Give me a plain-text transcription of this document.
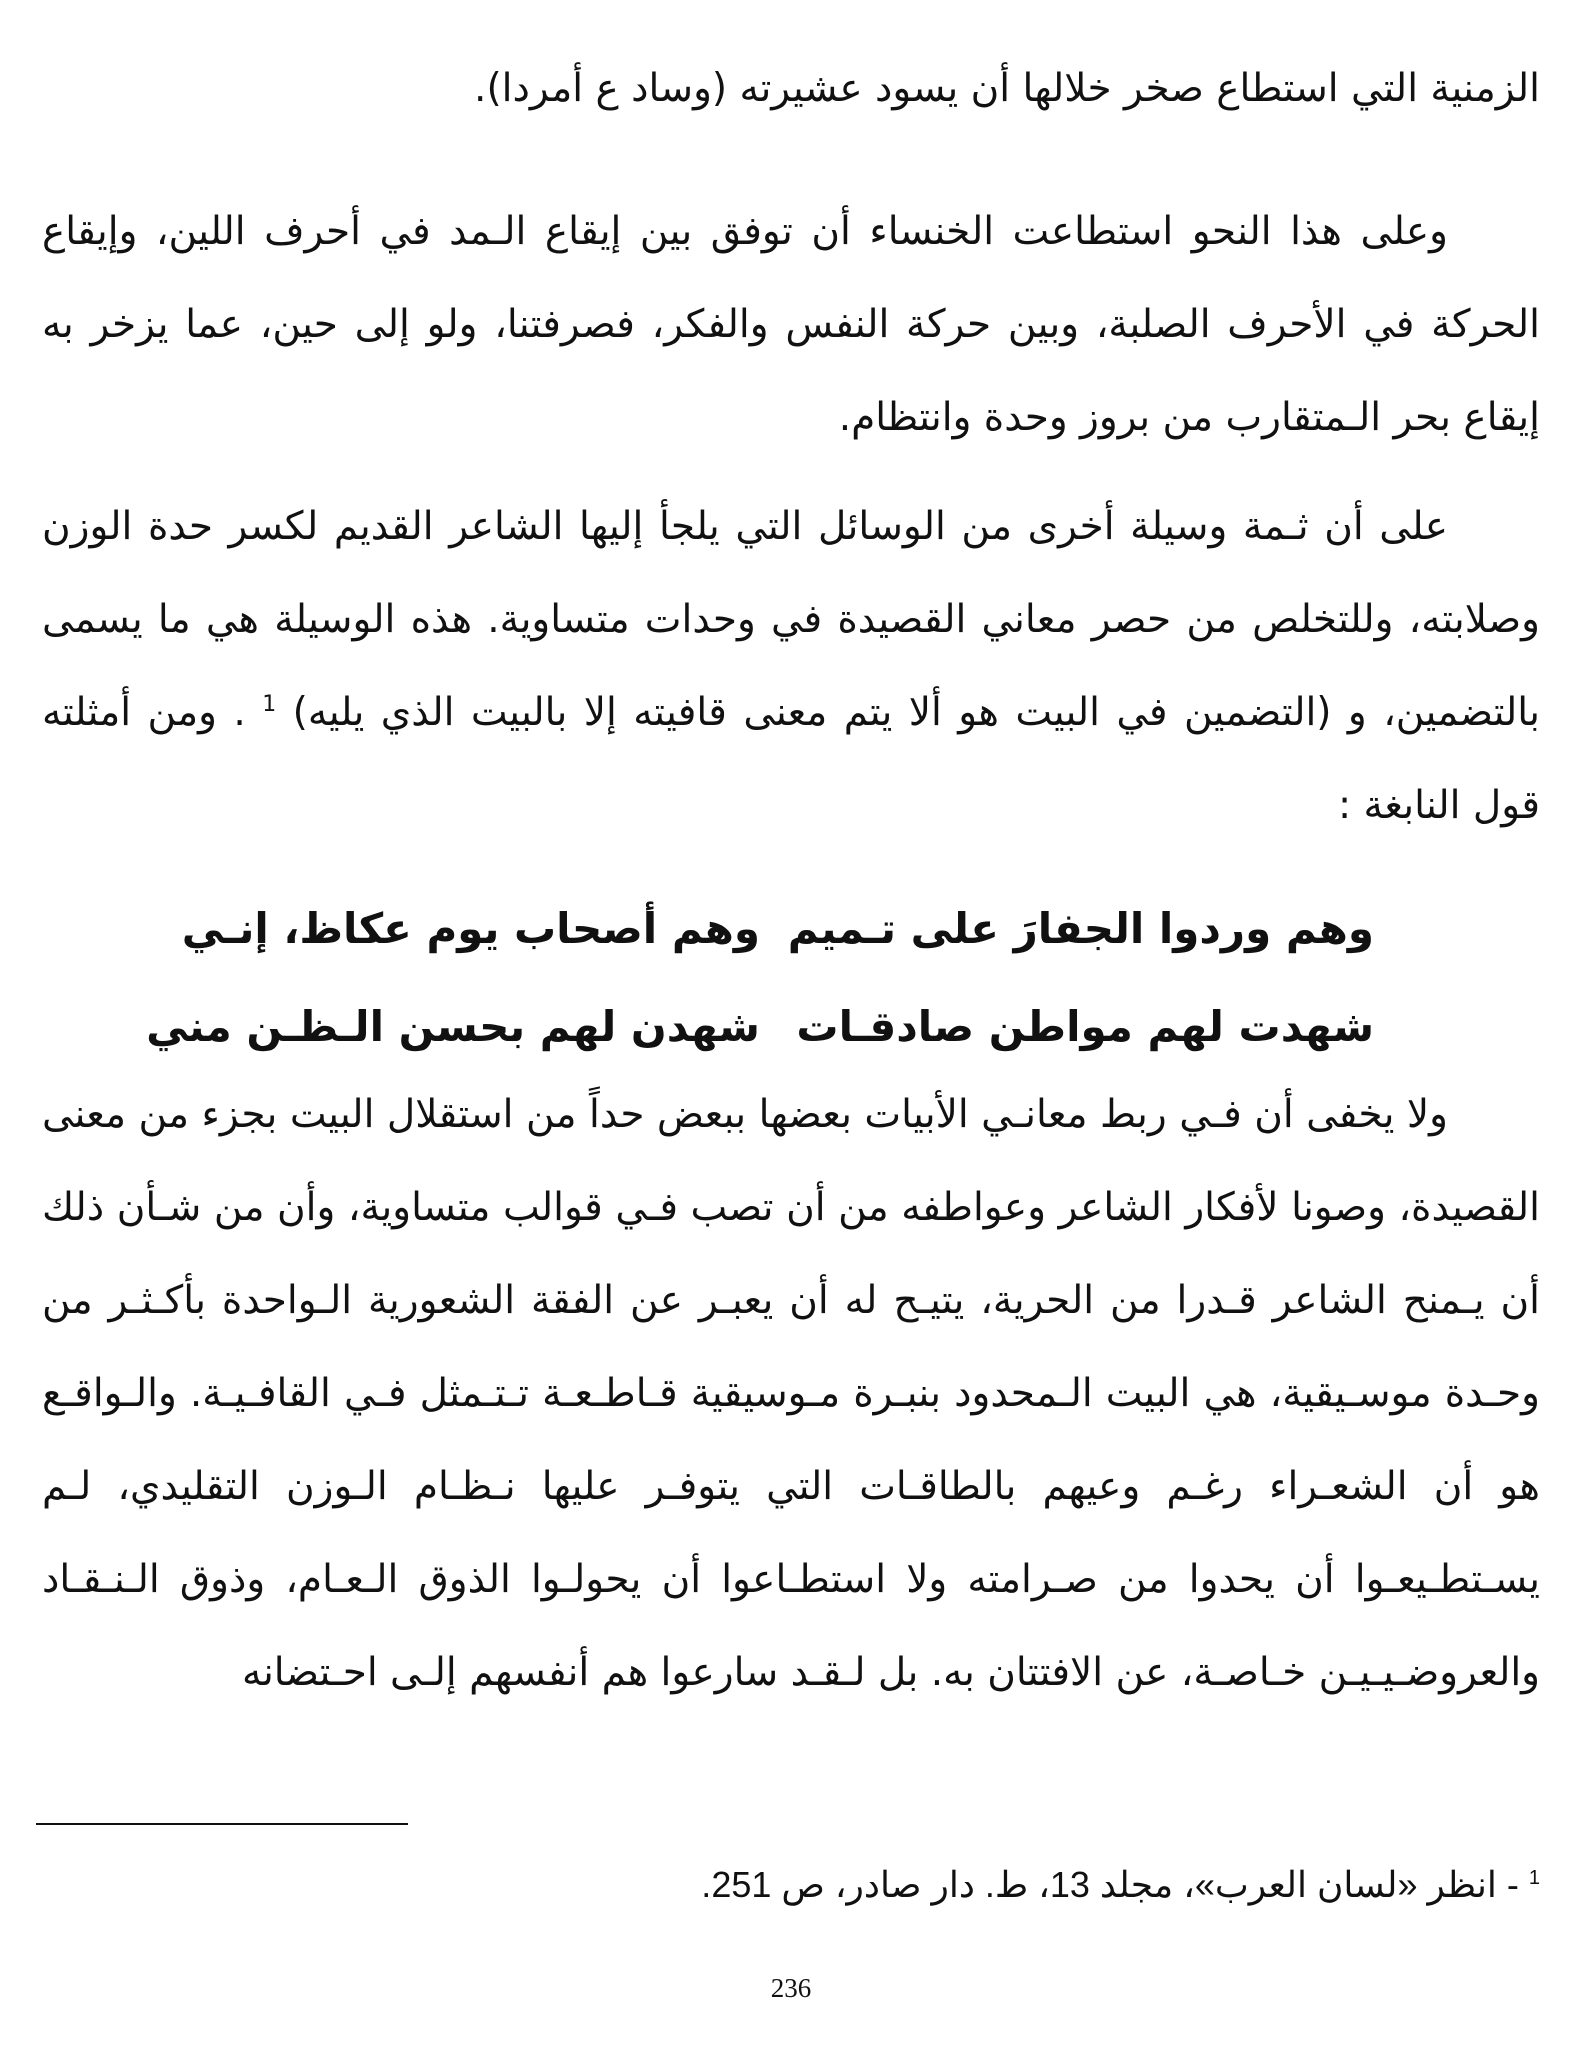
الزمنية التي استطاع صخر خلالها أن يسود عشيرته (وساد ع أمردا).

وعلى هذا النحو استطاعت الخنساء أن توفق بين إيقاع الـمد في أحرف اللين، وإيقاع الحركة في الأحرف الصلبة، وبين حركة النفس والفكر، فصرفتنا، ولو إلى حين، عما يزخر به إيقاع بحر الـمتقارب من بروز وحدة وانتظام.

على أن ثـمة وسيلة أخرى من الوسائل التي يلجأ إليها الشاعر القديم لكسر حدة الوزن وصلابته، وللتخلص من حصر معاني القصيدة في وحدات متساوية. هذه الوسيلة هي ما يسمى بالتضمين، و (التضمين في البيت هو ألا يتم معنى قافيته إلا بالبيت الذي يليه) $^1$ . ومن أمثلته قول النابغة :

وهم وردوا الجفارَ على تـميم
وهم أصحاب يوم عكاظ، إنـي
شهدت لهم مواطن صادقـات
شهدن لهم بحسن الـظـن مني

ولا يخفى أن فـي ربط معانـي الأبيات بعضها ببعض حداً من استقلال البيت بجزء من معنى القصيدة، وصونا لأفكار الشاعر وعواطفه من أن تصب فـي قوالب متساوية، وأن من شـأن ذلك أن يـمنح الشاعر قـدرا من الحرية، يتيـح له أن يعبـر عن الفقة الشعورية الـواحدة بأكـثـر من وحـدة موسـيقية، هي البيت الـمحدود بنبـرة مـوسيقية قـاطـعـة تـتـمثل فـي القافـيـة. والـواقـع هو أن الشعـراء رغـم وعيهم بالطاقـات التي يتوفـر عليها نـظـام الـوزن التقليدي، لـم يسـتطـيعـوا أن يحدوا من صـرامته ولا استطـاعوا أن يحولـوا الذوق الـعـام، وذوق الـنـقـاد والعروضـيـيـن خـاصـة، عن الافتتان به. بل لـقـد سارعوا هم أنفسهم إلـى احـتضانه

$^1$ - انظر «لسان العرب»، مجلد 13، ط. دار صادر، ص 251.
236
